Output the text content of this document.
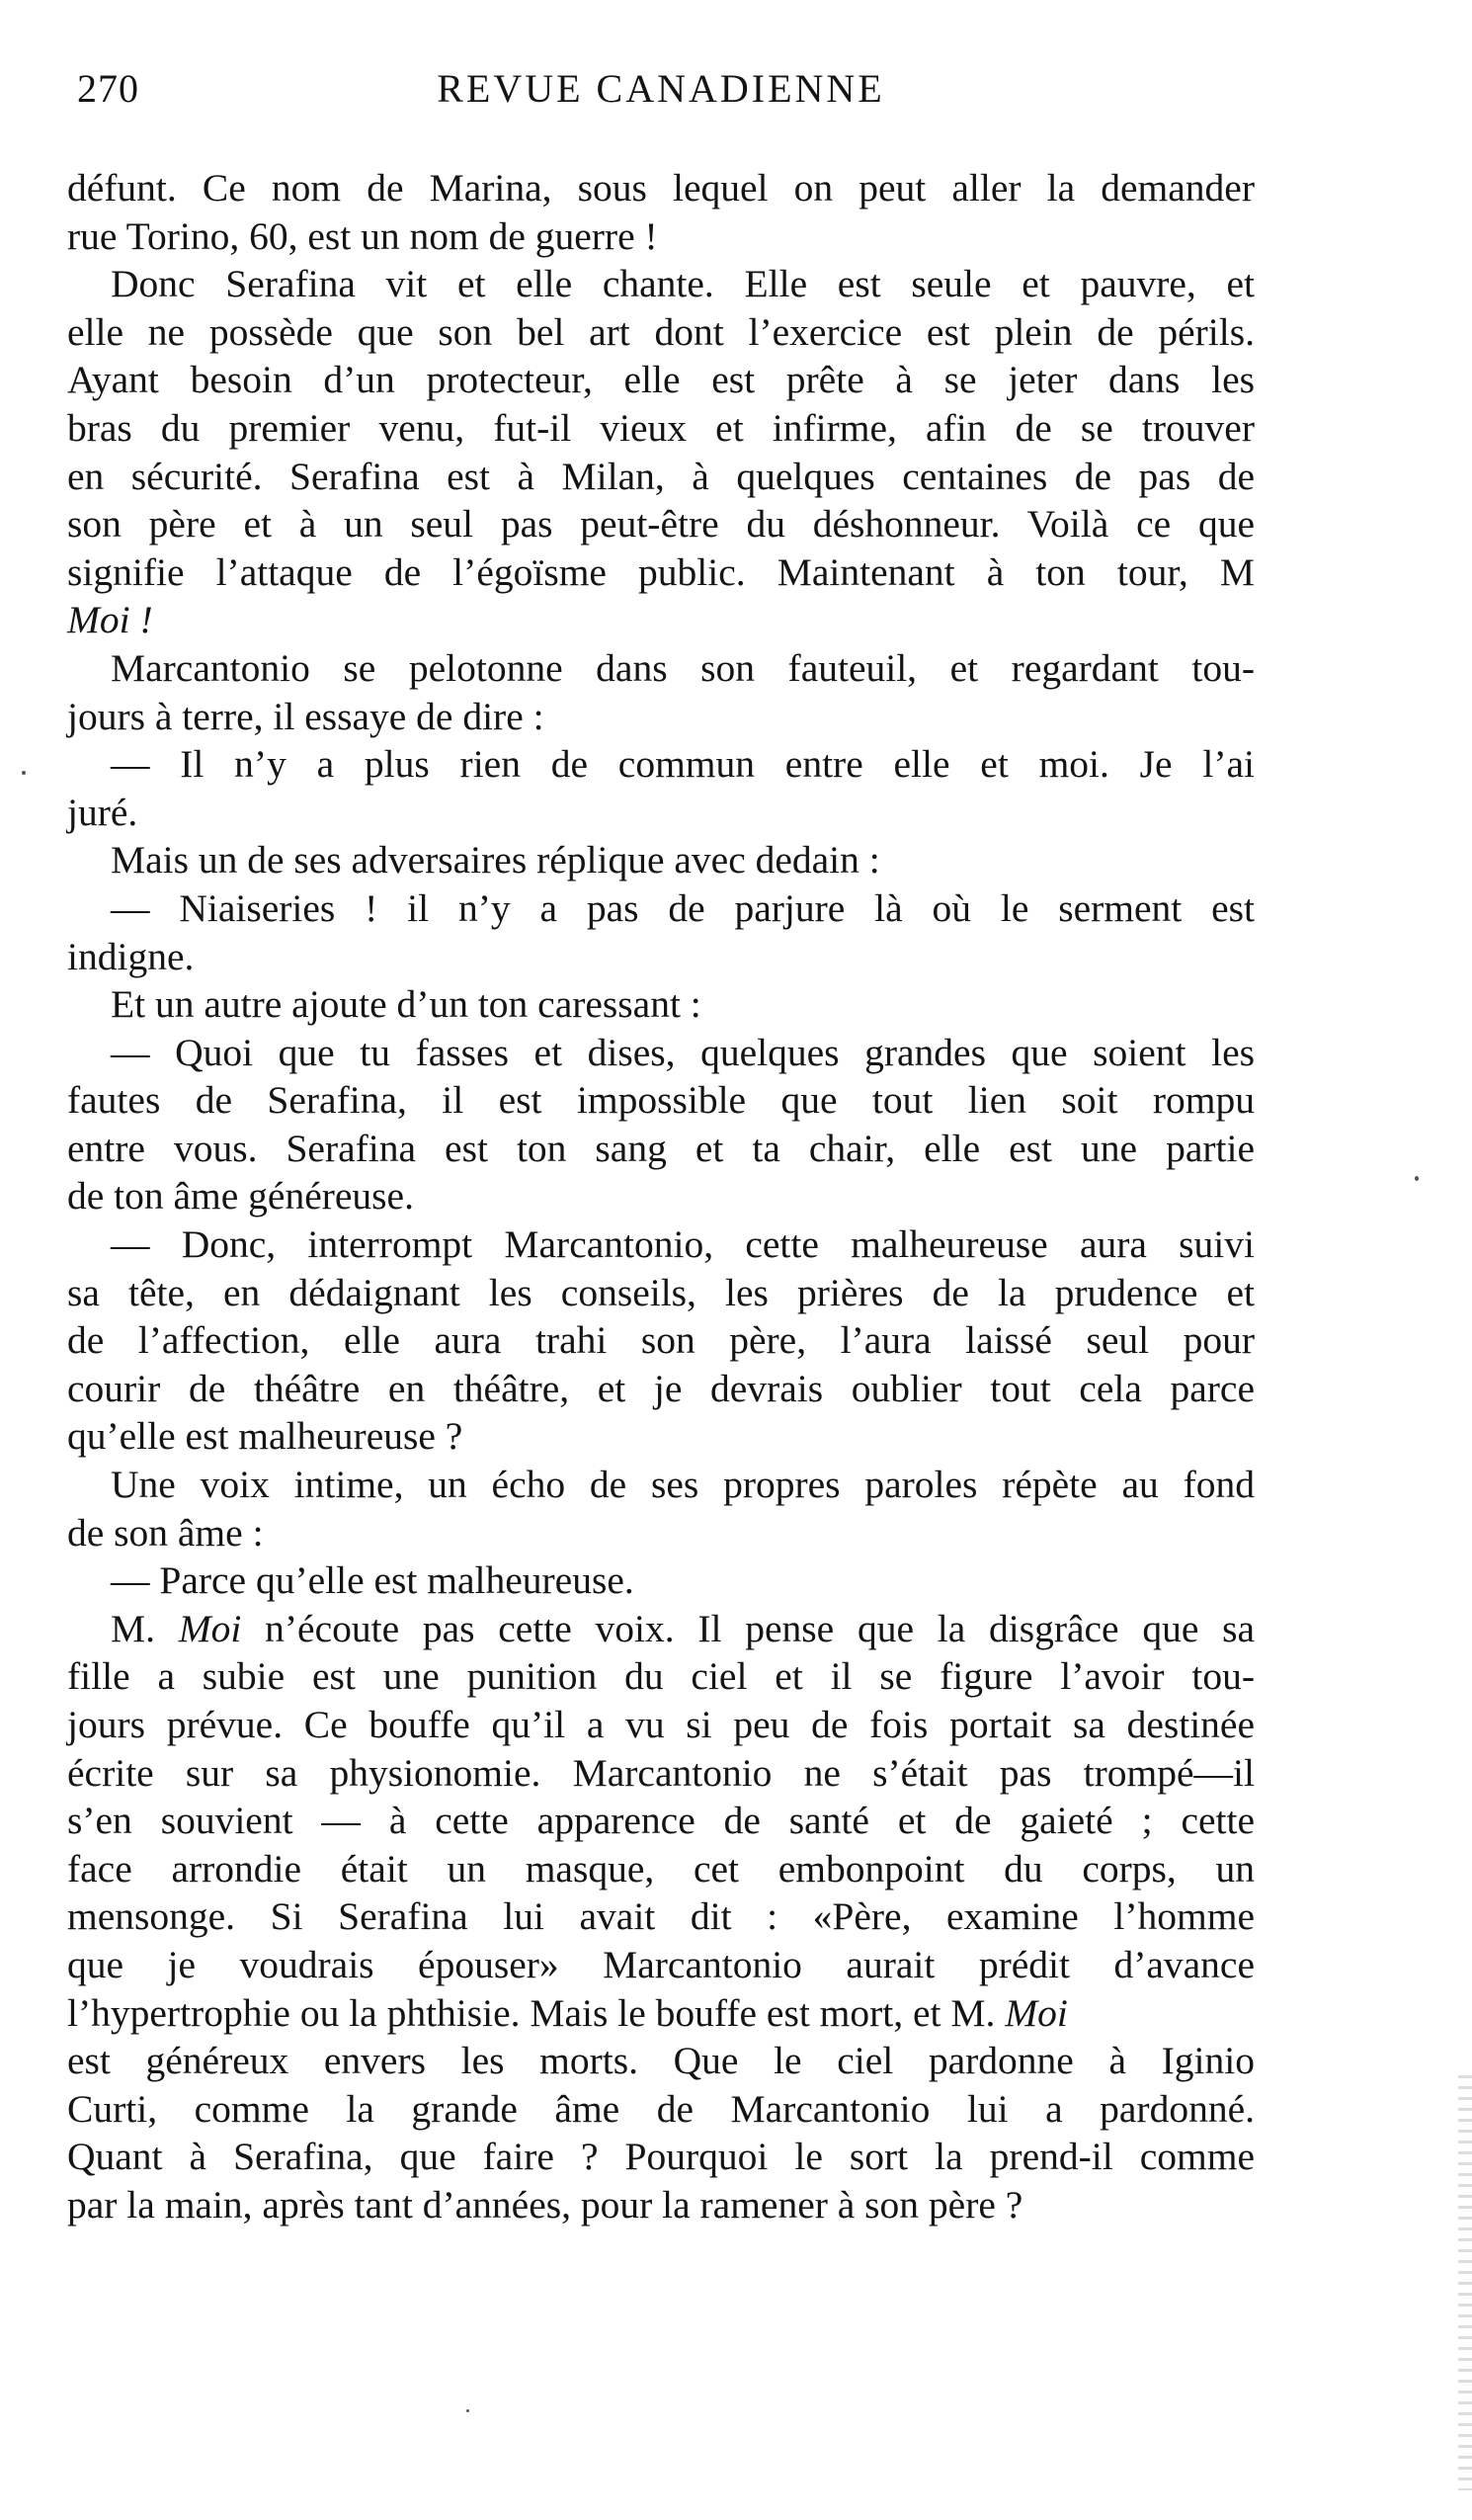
270	REVUE CANADIENNE
défunt. Ce nom de Marina, sous lequel on peut aller la demander
rue Torino, 60, est un nom de guerre !
Donc Serafina vit et elle chante. Elle est seule et pauvre, et
elle ne possède que son bel art dont l’exercice est plein de périls.
Ayant besoin d’un protecteur, elle est prête à se jeter dans les
bras du premier venu, fut-il vieux et infirme, afin de se trouver
en sécurité. Serafina est à Milan, à quelques centaines de pas de
son père et à un seul pas peut-être du déshonneur. Voilà ce que
signifie l’attaque de l’égoïsme public. Maintenant à ton tour, M
Moi !
Marcantonio se pelotonne dans son fauteuil, et regardant tou-
jours à terre, il essaye de dire :
— Il n’y a plus rien de commun entre elle et moi. Je l’ai
juré.
Mais un de ses adversaires réplique avec dedain :
— Niaiseries ! il n’y a pas de parjure là où le serment est
indigne.
Et un autre ajoute d’un ton caressant :
— Quoi que tu fasses et dises, quelques grandes que soient les
fautes de Serafina, il est impossible que tout lien soit rompu
entre vous. Serafina est ton sang et ta chair, elle est une partie
de ton âme généreuse.
— Donc, interrompt Marcantonio, cette malheureuse aura suivi
sa tête, en dédaignant les conseils, les prières de la prudence et
de l’affection, elle aura trahi son père, l’aura laissé seul pour
courir de théâtre en théâtre, et je devrais oublier tout cela parce
qu’elle est malheureuse ?
Une voix intime, un écho de ses propres paroles répète au fond
de son âme :
— Parce qu’elle est malheureuse.
M. Moi n’écoute pas cette voix. Il pense que la disgrâce que sa
fille a subie est une punition du ciel et il se figure l’avoir tou-
jours prévue. Ce bouffe qu’il a vu si peu de fois portait sa destinée
écrite sur sa physionomie. Marcantonio ne s’était pas trompé—il
s’en souvient — à cette apparence de santé et de gaieté ; cette
face arrondie était un masque, cet embonpoint du corps, un
mensonge. Si Serafina lui avait dit : «Père, examine l’homme
que je voudrais épouser» Marcantonio aurait prédit d’avance
l’hypertrophie ou la phthisie. Mais le bouffe est mort, et M. Moi
est généreux envers les morts. Que le ciel pardonne à Iginio
Curti, comme la grande âme de Marcantonio lui a pardonné.
Quant à Serafina, que faire ? Pourquoi le sort la prend-il comme
par la main, après tant d’années, pour la ramener à son père ?
